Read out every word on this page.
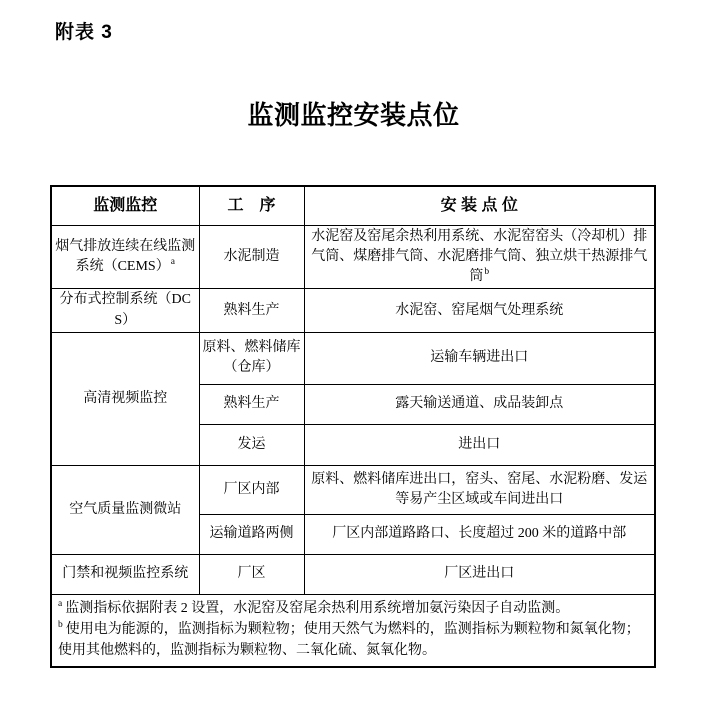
附表 3
监测监控安装点位
监测监控	工　序	安 装 点 位
烟气排放连续在线监测系统（CEMS）$^a$	水泥制造	水泥窑及窑尾余热利用系统、水泥窑窑头（冷却机）排气筒、煤磨排气筒、水泥磨排气筒、独立烘干热源排气筒$^b$
分布式控制系统（DCS）	熟料生产	水泥窑、窑尾烟气处理系统
高清视频监控	原料、燃料储库（仓库）	运输车辆进出口
	熟料生产	露天输送通道、成品装卸点
	发运	进出口
空气质量监测微站	厂区内部	原料、燃料储库进出口，窑头、窑尾、水泥粉磨、发运等易产尘区域或车间进出口
	运输道路两侧	厂区内部道路路口、长度超过 200 米的道路中部
门禁和视频监控系统	厂区	厂区进出口

$^a$ 监测指标依据附表 2 设置，水泥窑及窑尾余热利用系统增加氨污染因子自动监测。

$^b$ 使用电为能源的，监测指标为颗粒物；使用天然气为燃料的，监测指标为颗粒物和氮氧化物；使用其他燃料的，监测指标为颗粒物、二氧化硫、氮氧化物。		
